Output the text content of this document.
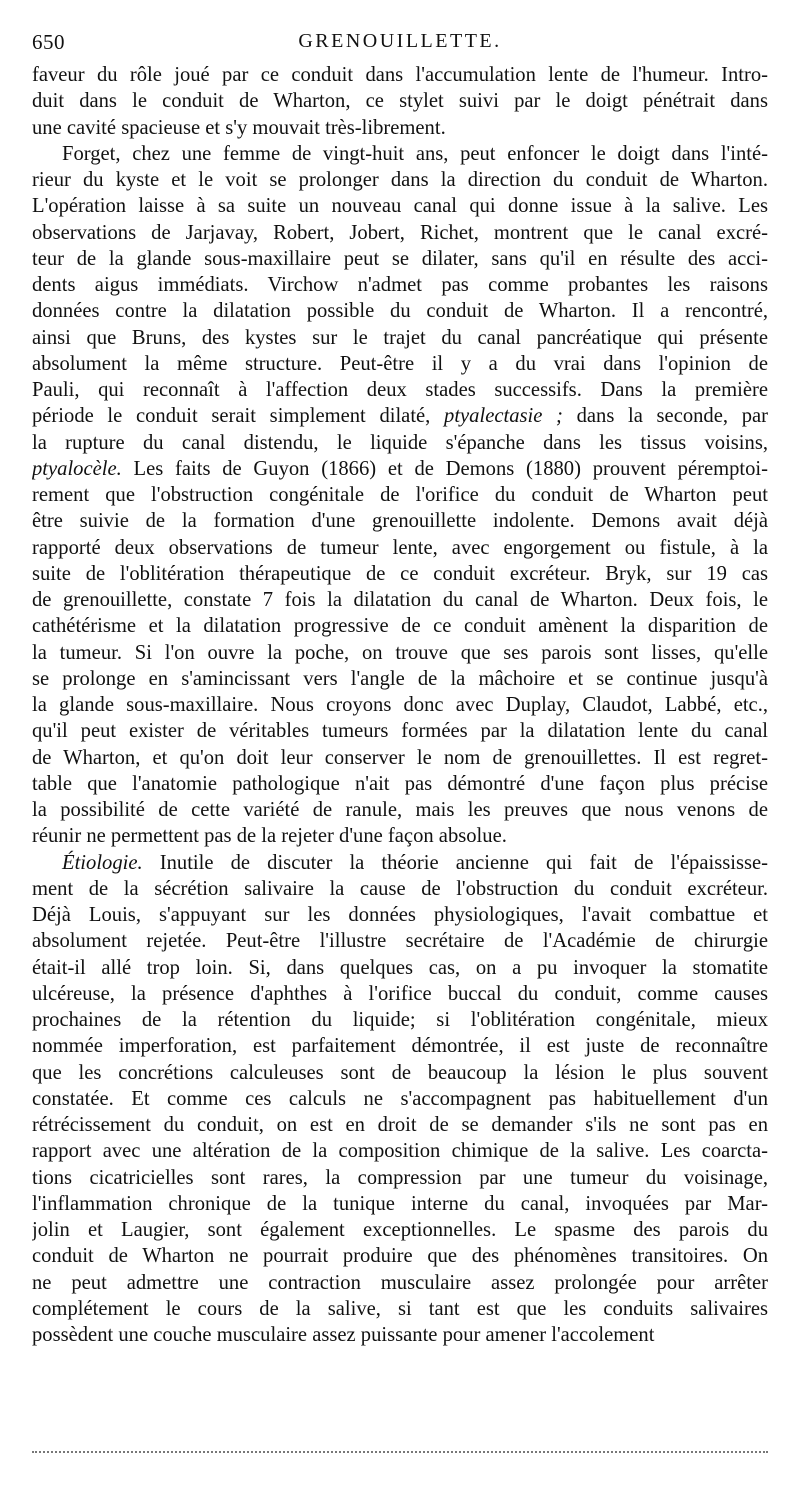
650	GRENOUILLETTE.
faveur du rôle joué par ce conduit dans l'accumulation lente de l'humeur. Intro-
duit dans le conduit de Wharton, ce stylet suivi par le doigt pénétrait dans
une cavité spacieuse et s'y mouvait très-librement.
Forget, chez une femme de vingt-huit ans, peut enfoncer le doigt dans l'inté-
rieur du kyste et le voit se prolonger dans la direction du conduit de Wharton.
L'opération laisse à sa suite un nouveau canal qui donne issue à la salive. Les
observations de Jarjavay, Robert, Jobert, Richet, montrent que le canal excré-
teur de la glande sous-maxillaire peut se dilater, sans qu'il en résulte des acci-
dents aigus immédiats. Virchow n'admet pas comme probantes les raisons
données contre la dilatation possible du conduit de Wharton. Il a rencontré,
ainsi que Bruns, des kystes sur le trajet du canal pancréatique qui présente
absolument la même structure. Peut-être il y a du vrai dans l'opinion de
Pauli, qui reconnaît à l'affection deux stades successifs. Dans la première
période le conduit serait simplement dilaté, ptyalectasie ; dans la seconde, par
la rupture du canal distendu, le liquide s'épanche dans les tissus voisins,
ptyalocèle. Les faits de Guyon (1866) et de Demons (1880) prouvent péremptoi-
rement que l'obstruction congénitale de l'orifice du conduit de Wharton peut
être suivie de la formation d'une grenouillette indolente. Demons avait déjà
rapporté deux observations de tumeur lente, avec engorgement ou fistule, à la
suite de l'oblitération thérapeutique de ce conduit excréteur. Bryk, sur 19 cas
de grenouillette, constate 7 fois la dilatation du canal de Wharton. Deux fois, le
cathétérisme et la dilatation progressive de ce conduit amènent la disparition de
la tumeur. Si l'on ouvre la poche, on trouve que ses parois sont lisses, qu'elle
se prolonge en s'amincissant vers l'angle de la mâchoire et se continue jusqu'à
la glande sous-maxillaire. Nous croyons donc avec Duplay, Claudot, Labbé, etc.,
qu'il peut exister de véritables tumeurs formées par la dilatation lente du canal
de Wharton, et qu'on doit leur conserver le nom de grenouillettes. Il est regret-
table que l'anatomie pathologique n'ait pas démontré d'une façon plus précise
la possibilité de cette variété de ranule, mais les preuves que nous venons de
réunir ne permettent pas de la rejeter d'une façon absolue.
Étiologie. Inutile de discuter la théorie ancienne qui fait de l'épaississe-
ment de la sécrétion salivaire la cause de l'obstruction du conduit excréteur.
Déjà Louis, s'appuyant sur les données physiologiques, l'avait combattue et
absolument rejetée. Peut-être l'illustre secrétaire de l'Académie de chirurgie
était-il allé trop loin. Si, dans quelques cas, on a pu invoquer la stomatite
ulcéreuse, la présence d'aphthes à l'orifice buccal du conduit, comme causes
prochaines de la rétention du liquide; si l'oblitération congénitale, mieux
nommée imperforation, est parfaitement démontrée, il est juste de reconnaître
que les concrétions calculeuses sont de beaucoup la lésion le plus souvent
constatée. Et comme ces calculs ne s'accompagnent pas habituellement d'un
rétrécissement du conduit, on est en droit de se demander s'ils ne sont pas en
rapport avec une altération de la composition chimique de la salive. Les coarcta-
tions cicatricielles sont rares, la compression par une tumeur du voisinage,
l'inflammation chronique de la tunique interne du canal, invoquées par Mar-
jolin et Laugier, sont également exceptionnelles. Le spasme des parois du
conduit de Wharton ne pourrait produire que des phénomènes transitoires. On
ne peut admettre une contraction musculaire assez prolongée pour arrêter
complétement le cours de la salive, si tant est que les conduits salivaires
possèdent une couche musculaire assez puissante pour amener l'accolement
